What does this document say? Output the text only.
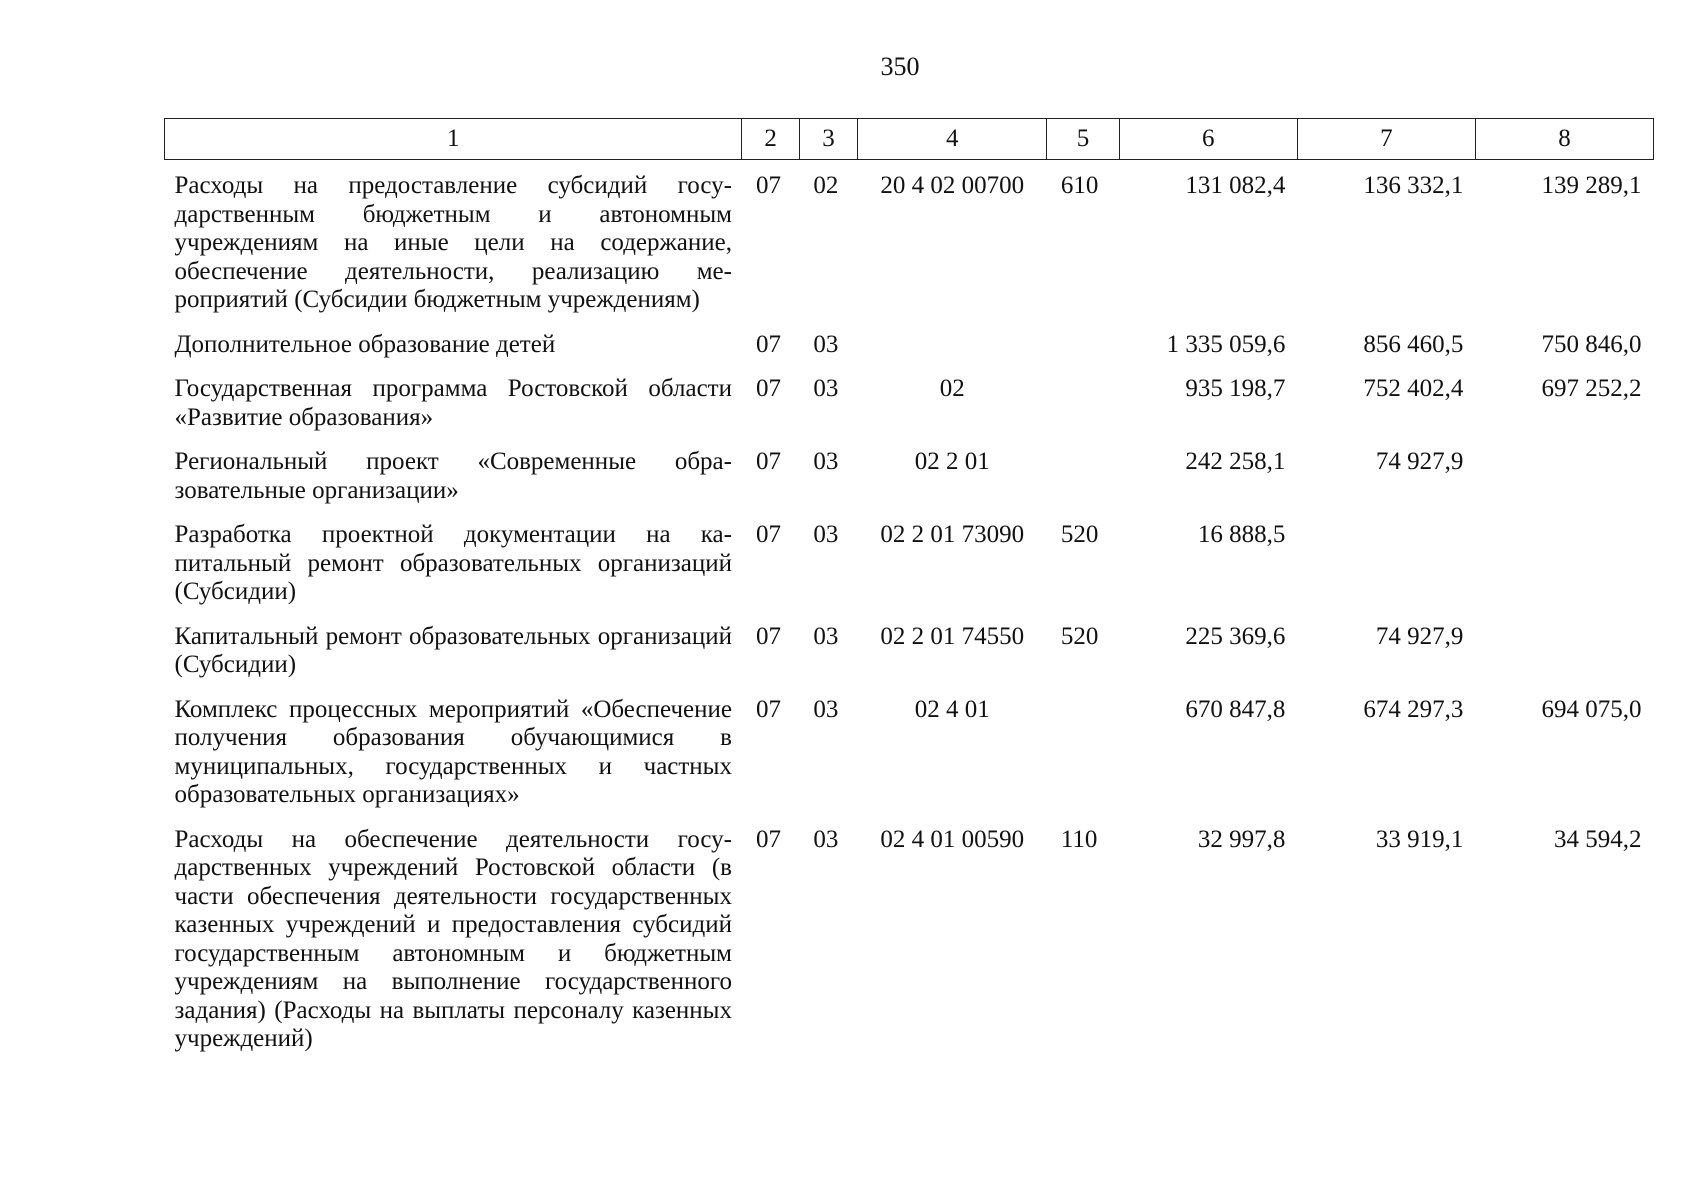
350
1	2	3	4	5	6	7	8
Расходы на предоставление субсидий государственным бюджетным и автономным учреждениям на иные цели на содержание, обеспечение деятельности, реализацию мероприятий (Субсидии бюджетным учреждениям)	07	02	20 4 02 00700	610	131 082,4	136 332,1	139 289,1
Дополнительное образование детей	07	03			1 335 059,6	856 460,5	750 846,0
Государственная программа Ростовской области «Развитие образования»	07	03	02		935 198,7	752 402,4	697 252,2
Региональный проект «Современные образовательные организации»	07	03	02 2 01		242 258,1	74 927,9	
Разработка проектной документации на капитальный ремонт образовательных организаций (Субсидии)	07	03	02 2 01 73090	520	16 888,5		
Капитальный ремонт образовательных организаций (Субсидии)	07	03	02 2 01 74550	520	225 369,6	74 927,9	
Комплекс процессных мероприятий «Обеспечение получения образования обучающимися в муниципальных, государственных и частных образовательных организациях»	07	03	02 4 01		670 847,8	674 297,3	694 075,0
Расходы на обеспечение деятельности государственных учреждений Ростовской области (в части обеспечения деятельности государственных казенных учреждений и предоставления субсидий государственным автономным и бюджетным учреждениям на выполнение государственного задания) (Расходы на выплаты персоналу казенных учреждений)	07	03	02 4 01 00590	110	32 997,8	33 919,1	34 594,2
